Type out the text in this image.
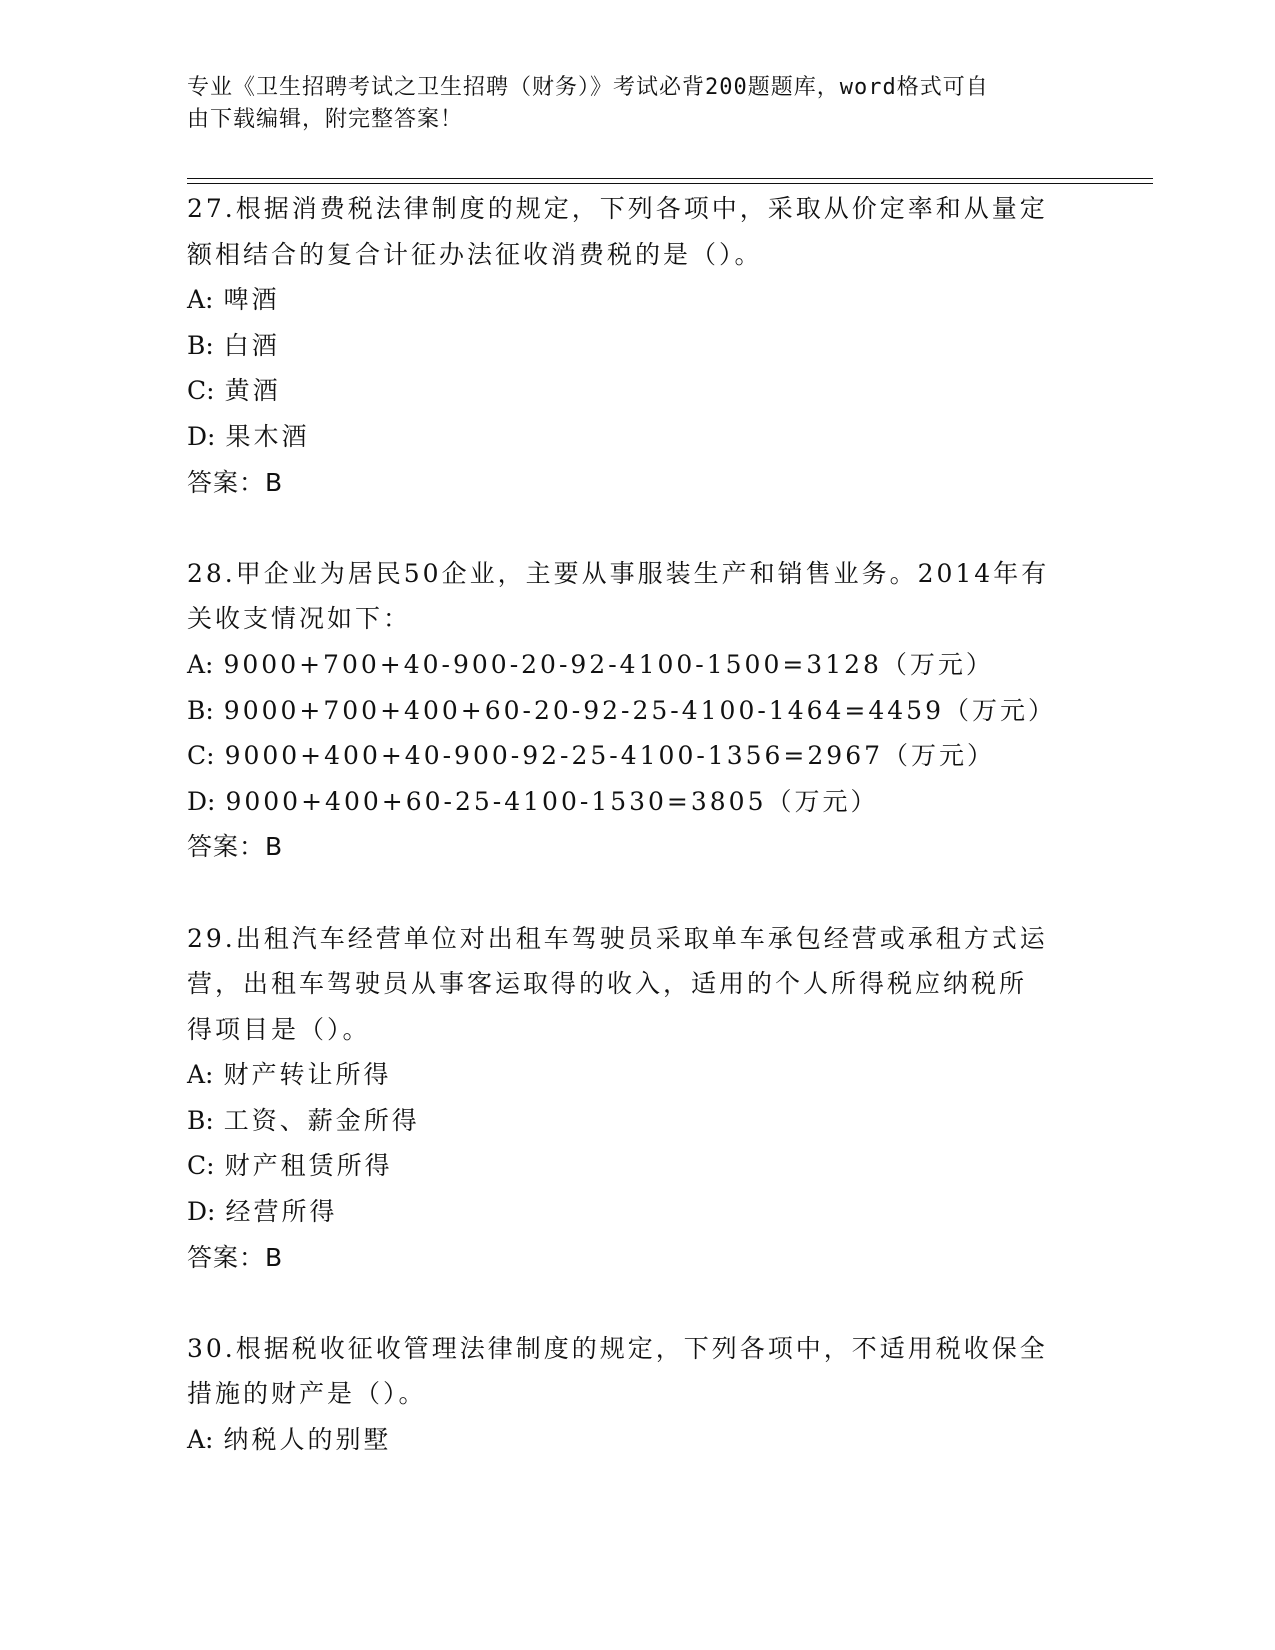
专业《卫生招聘考试之卫生招聘（财务）》考试必背200题题库，word格式可自
由下载编辑，附完整答案！
27.根据消费税法律制度的规定，下列各项中，采取从价定率和从量定
额相结合的复合计征办法征收消费税的是（）。
A: 啤酒
B: 白酒
C: 黄酒
D: 果木酒
答案：B
28.甲企业为居民50企业，主要从事服装生产和销售业务。2014年有
关收支情况如下：
A: 9000+700+40-900-20-92-4100-1500=3128（万元）
B: 9000+700+400+60-20-92-25-4100-1464=4459（万元）
C: 9000+400+40-900-92-25-4100-1356=2967（万元）
D: 9000+400+60-25-4100-1530=3805（万元）
答案：B
29.出租汽车经营单位对出租车驾驶员采取单车承包经营或承租方式运
营，出租车驾驶员从事客运取得的收入，适用的个人所得税应纳税所
得项目是（）。
A: 财产转让所得
B: 工资、薪金所得
C: 财产租赁所得
D: 经营所得
答案：B
30.根据税收征收管理法律制度的规定，下列各项中，不适用税收保全
措施的财产是（）。
A: 纳税人的别墅
